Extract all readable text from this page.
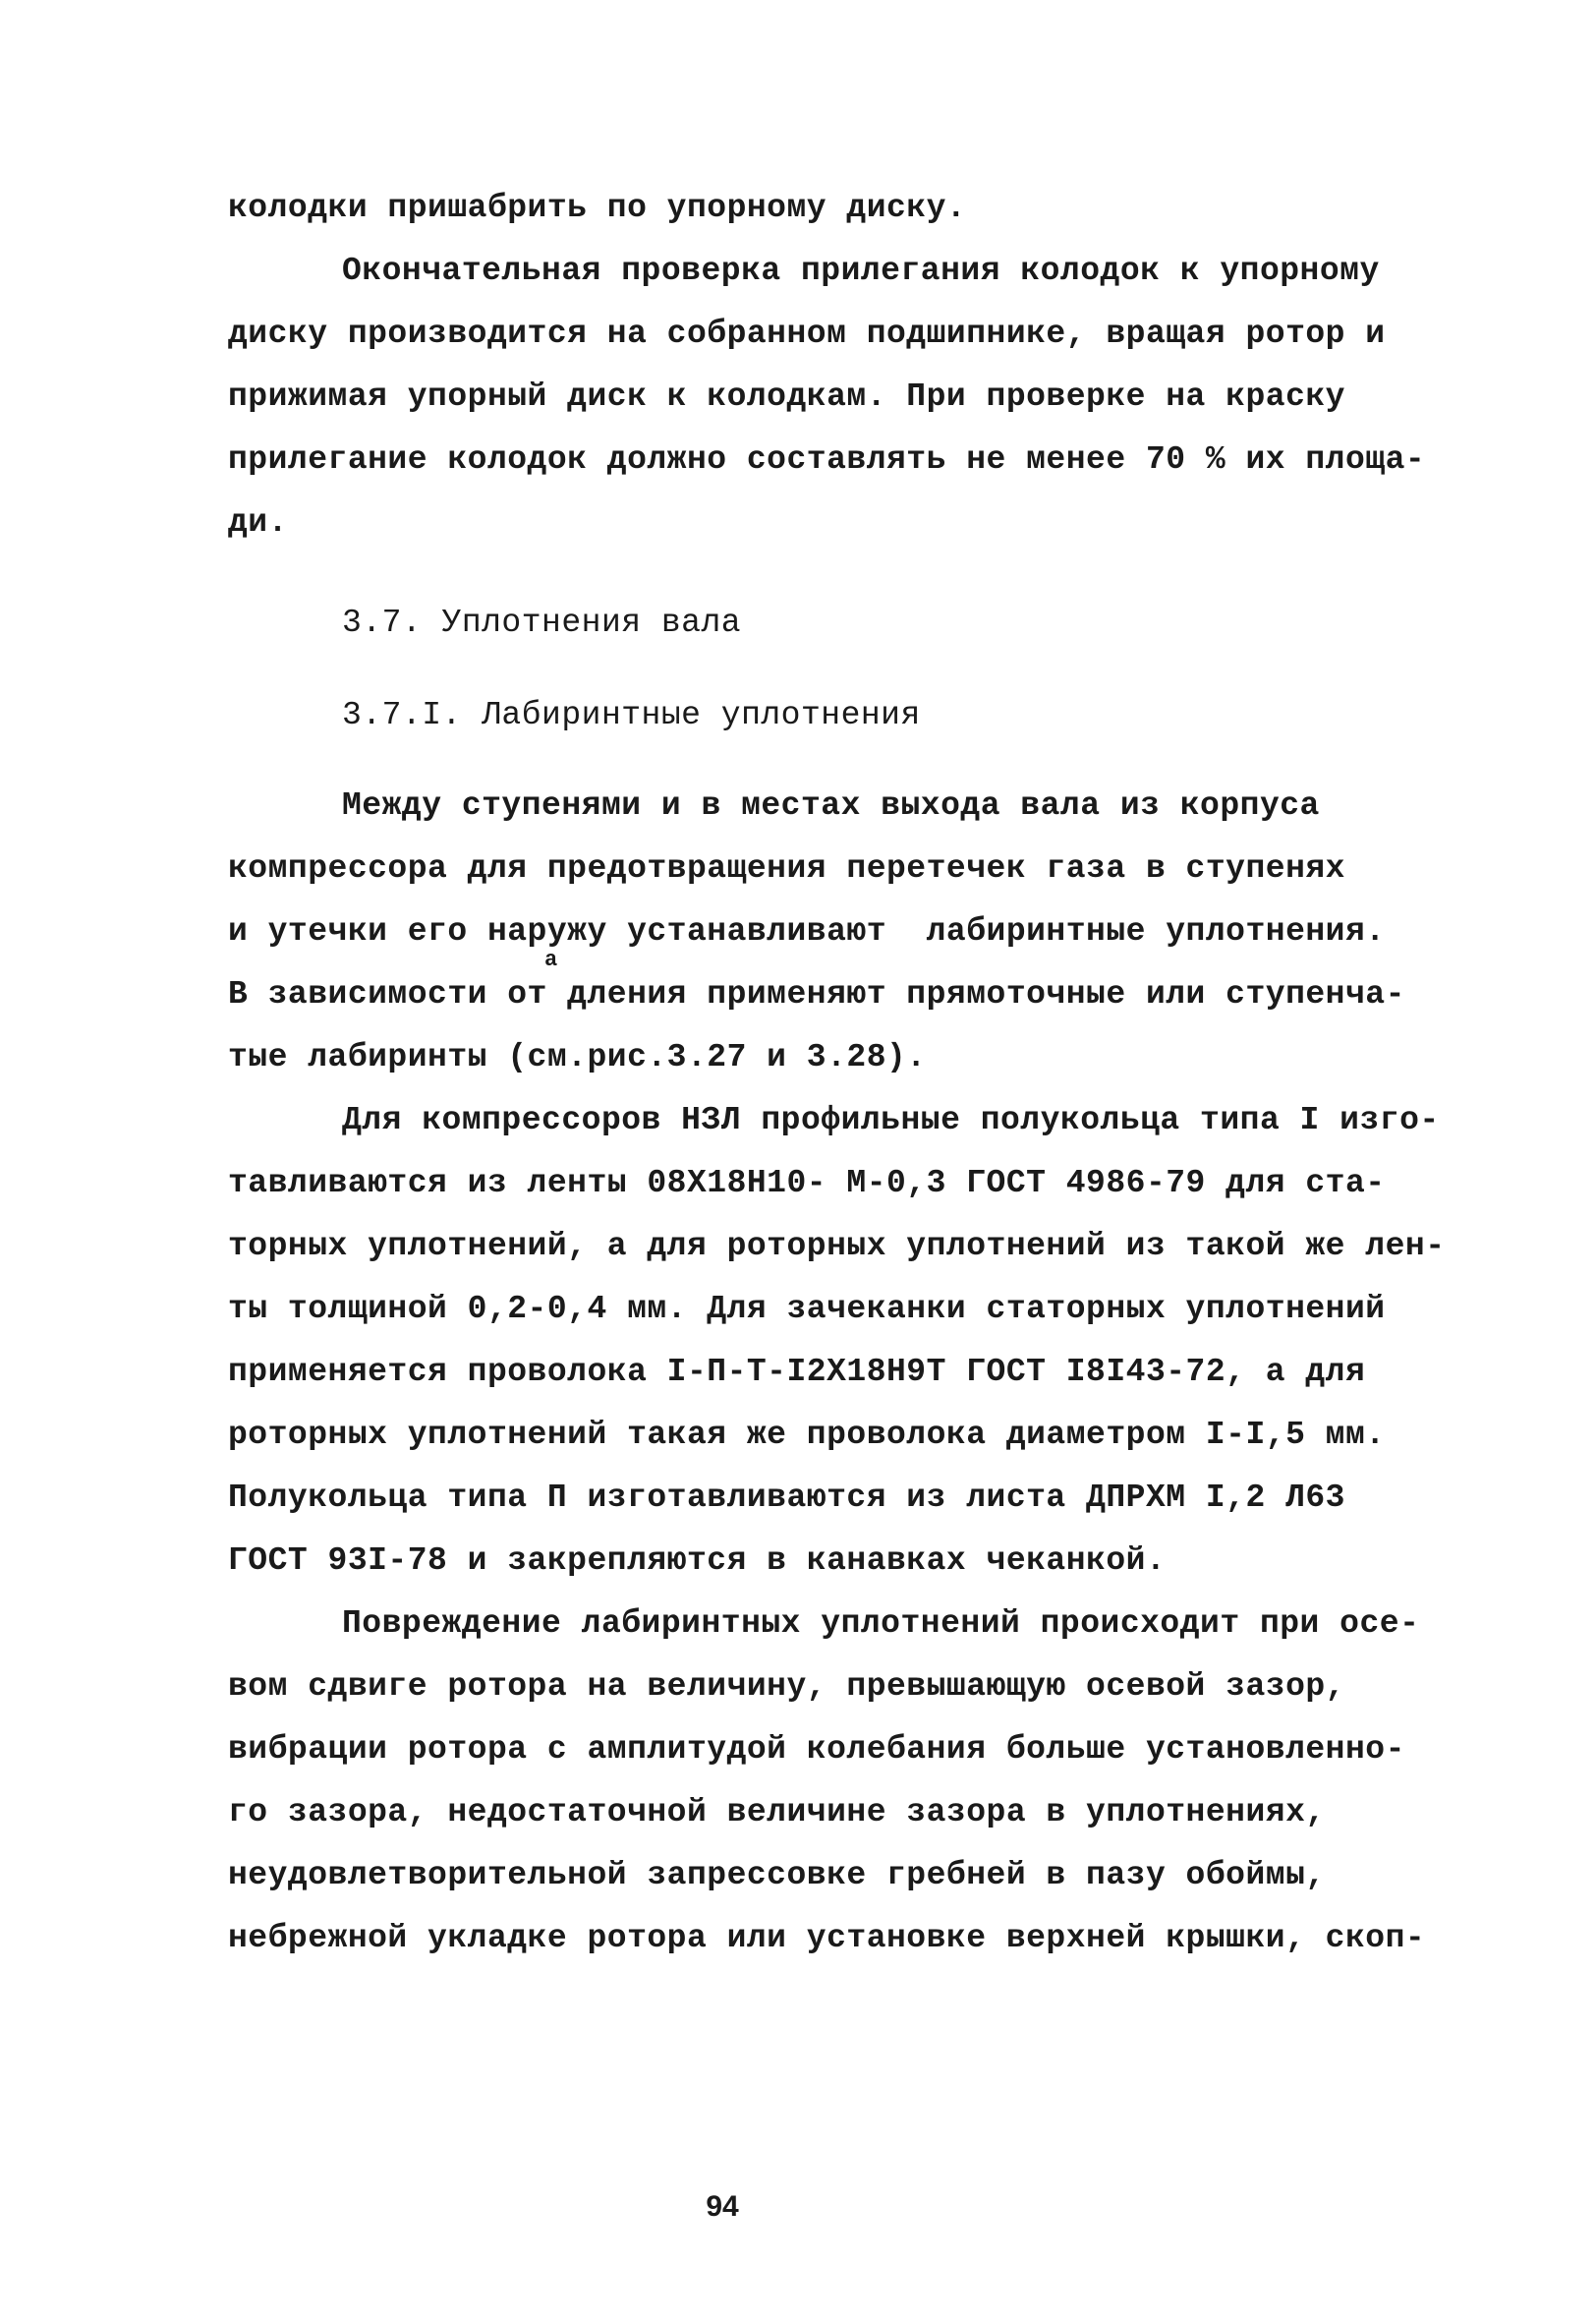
колодки пришабрить по упорному диску.
Окончательная проверка прилегания колодок к упорному
диску производится на собранном подшипнике, вращая ротор и
прижимая упорный диск к колодкам. При проверке на краску
прилегание колодок должно составлять не менее 70 % их площа-
ди.
3.7. Уплотнения вала
3.7.I. Лабиринтные уплотнения
Между ступенями и в местах выхода вала из корпуса
компрессора для предотвращения перетечек газа в ступенях
и утечки его наружу устанавливают  лабиринтные уплотнения.
а
В зависимости от дления применяют прямоточные или ступенча-
тые лабиринты (см.рис.3.27 и 3.28).
Для компрессоров НЗЛ профильные полукольца типа I изго-
тавливаются из ленты 08Х18Н10- М-0,3 ГОСТ 4986-79 для ста-
торных уплотнений, а для роторных уплотнений из такой же лен-
ты толщиной 0,2-0,4 мм. Для зачеканки статорных уплотнений
применяется проволока I-П-Т-I2Х18Н9Т ГОСТ I8I43-72, а для
роторных уплотнений такая же проволока диаметром I-I,5 мм.
Полукольца типа П изготавливаются из листа ДПРХМ I,2 Л63
ГОСТ 93I-78 и закрепляются в канавках чеканкой.
Повреждение лабиринтных уплотнений происходит при осе-
вом сдвиге ротора на величину, превышающую осевой зазор,
вибрации ротора с амплитудой колебания больше установленно-
го зазора, недостаточной величине зазора в уплотнениях,
неудовлетворительной запрессовке гребней в пазу обоймы,
небрежной укладке ротора или установке верхней крышки, скоп-
94
